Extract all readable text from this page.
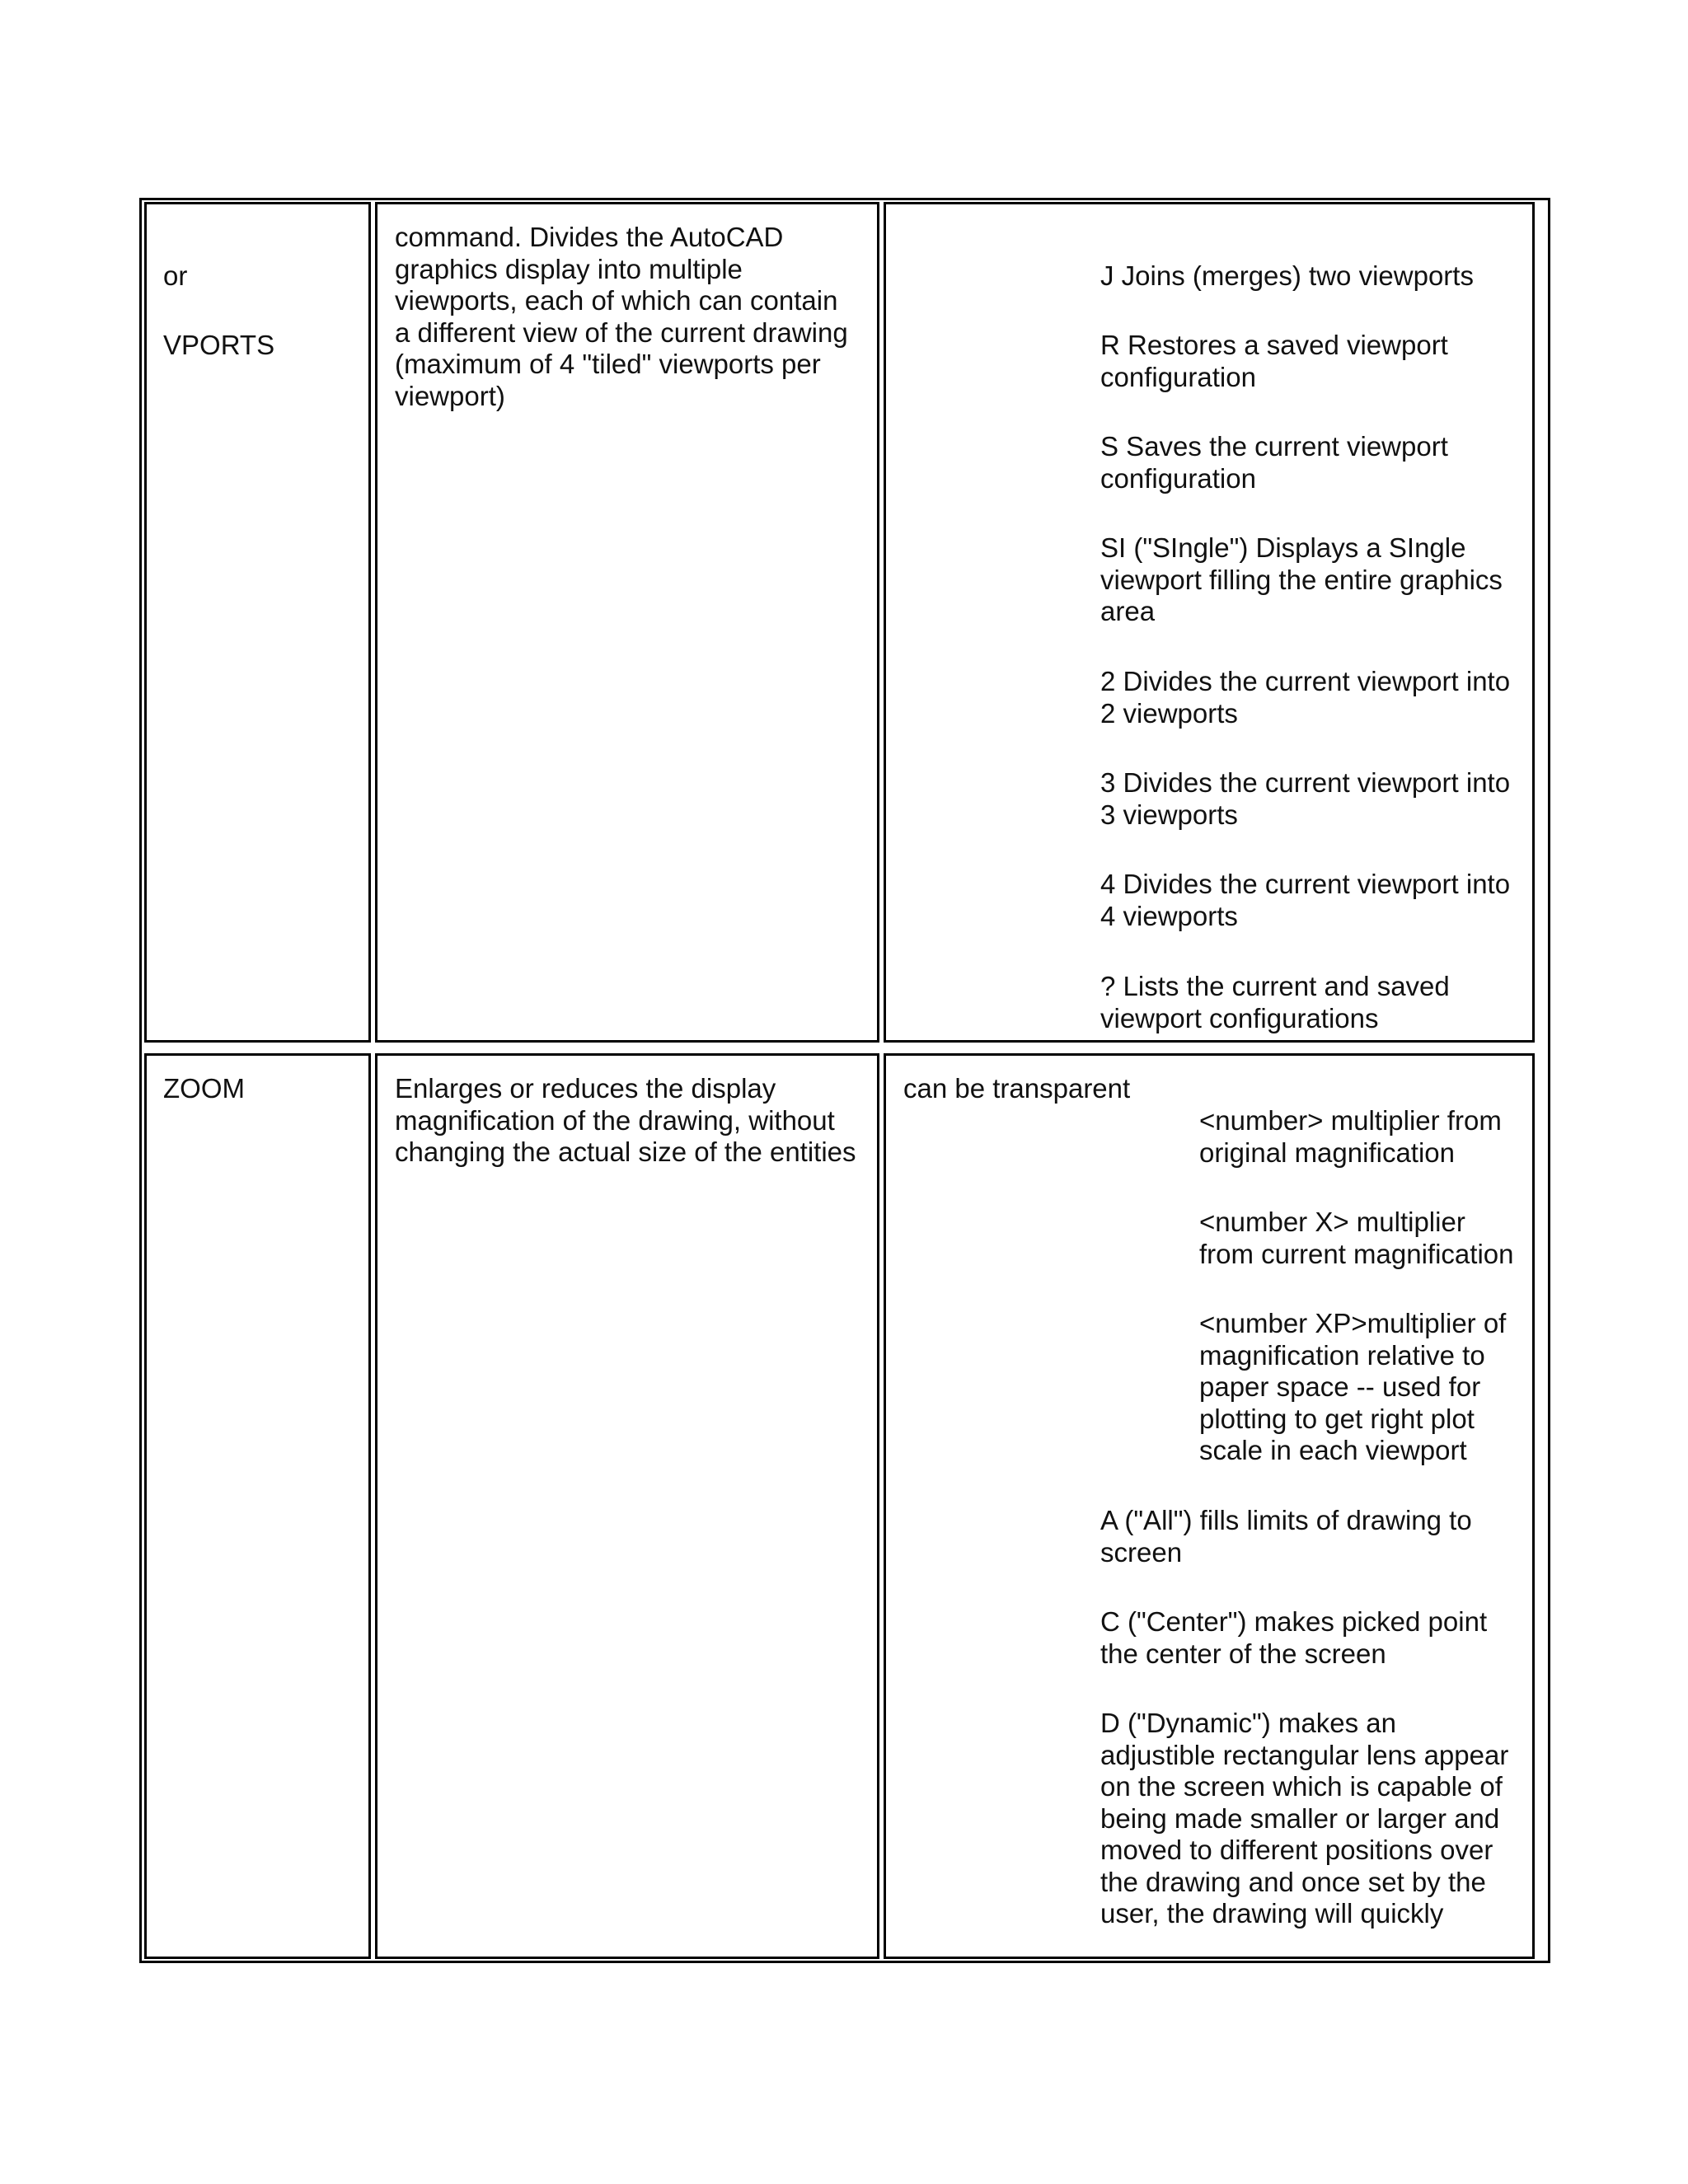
or
VPORTS
command. Divides the AutoCAD
graphics display into multiple
viewports, each of which can contain
a different view of the current drawing
(maximum of 4 "tiled" viewports per
viewport)
J Joins (merges) two viewports
R Restores a saved viewport
configuration
S Saves the current viewport
configuration
SI ("SIngle") Displays a SIngle
viewport filling the entire graphics
area
2 Divides the current viewport into
2 viewports
3 Divides the current viewport into
3 viewports
4 Divides the current viewport into
4 viewports
? Lists the current and saved
viewport configurations
ZOOM	Enlarges or reduces the display
magnification of the drawing, without
changing the actual size of the entities
can be transparent
<number> multiplier from
original magnification
<number X> multiplier
from current magnification
<number XP>multiplier of
magnification relative to
paper space -- used for
plotting to get right plot
scale in each viewport
A ("All") fills limits of drawing to
screen
C ("Center") makes picked point
the center of the screen
D ("Dynamic") makes an
adjustible rectangular lens appear
on the screen which is capable of
being made smaller or larger and
moved to different positions over
the drawing and once set by the
user, the drawing will quickly
